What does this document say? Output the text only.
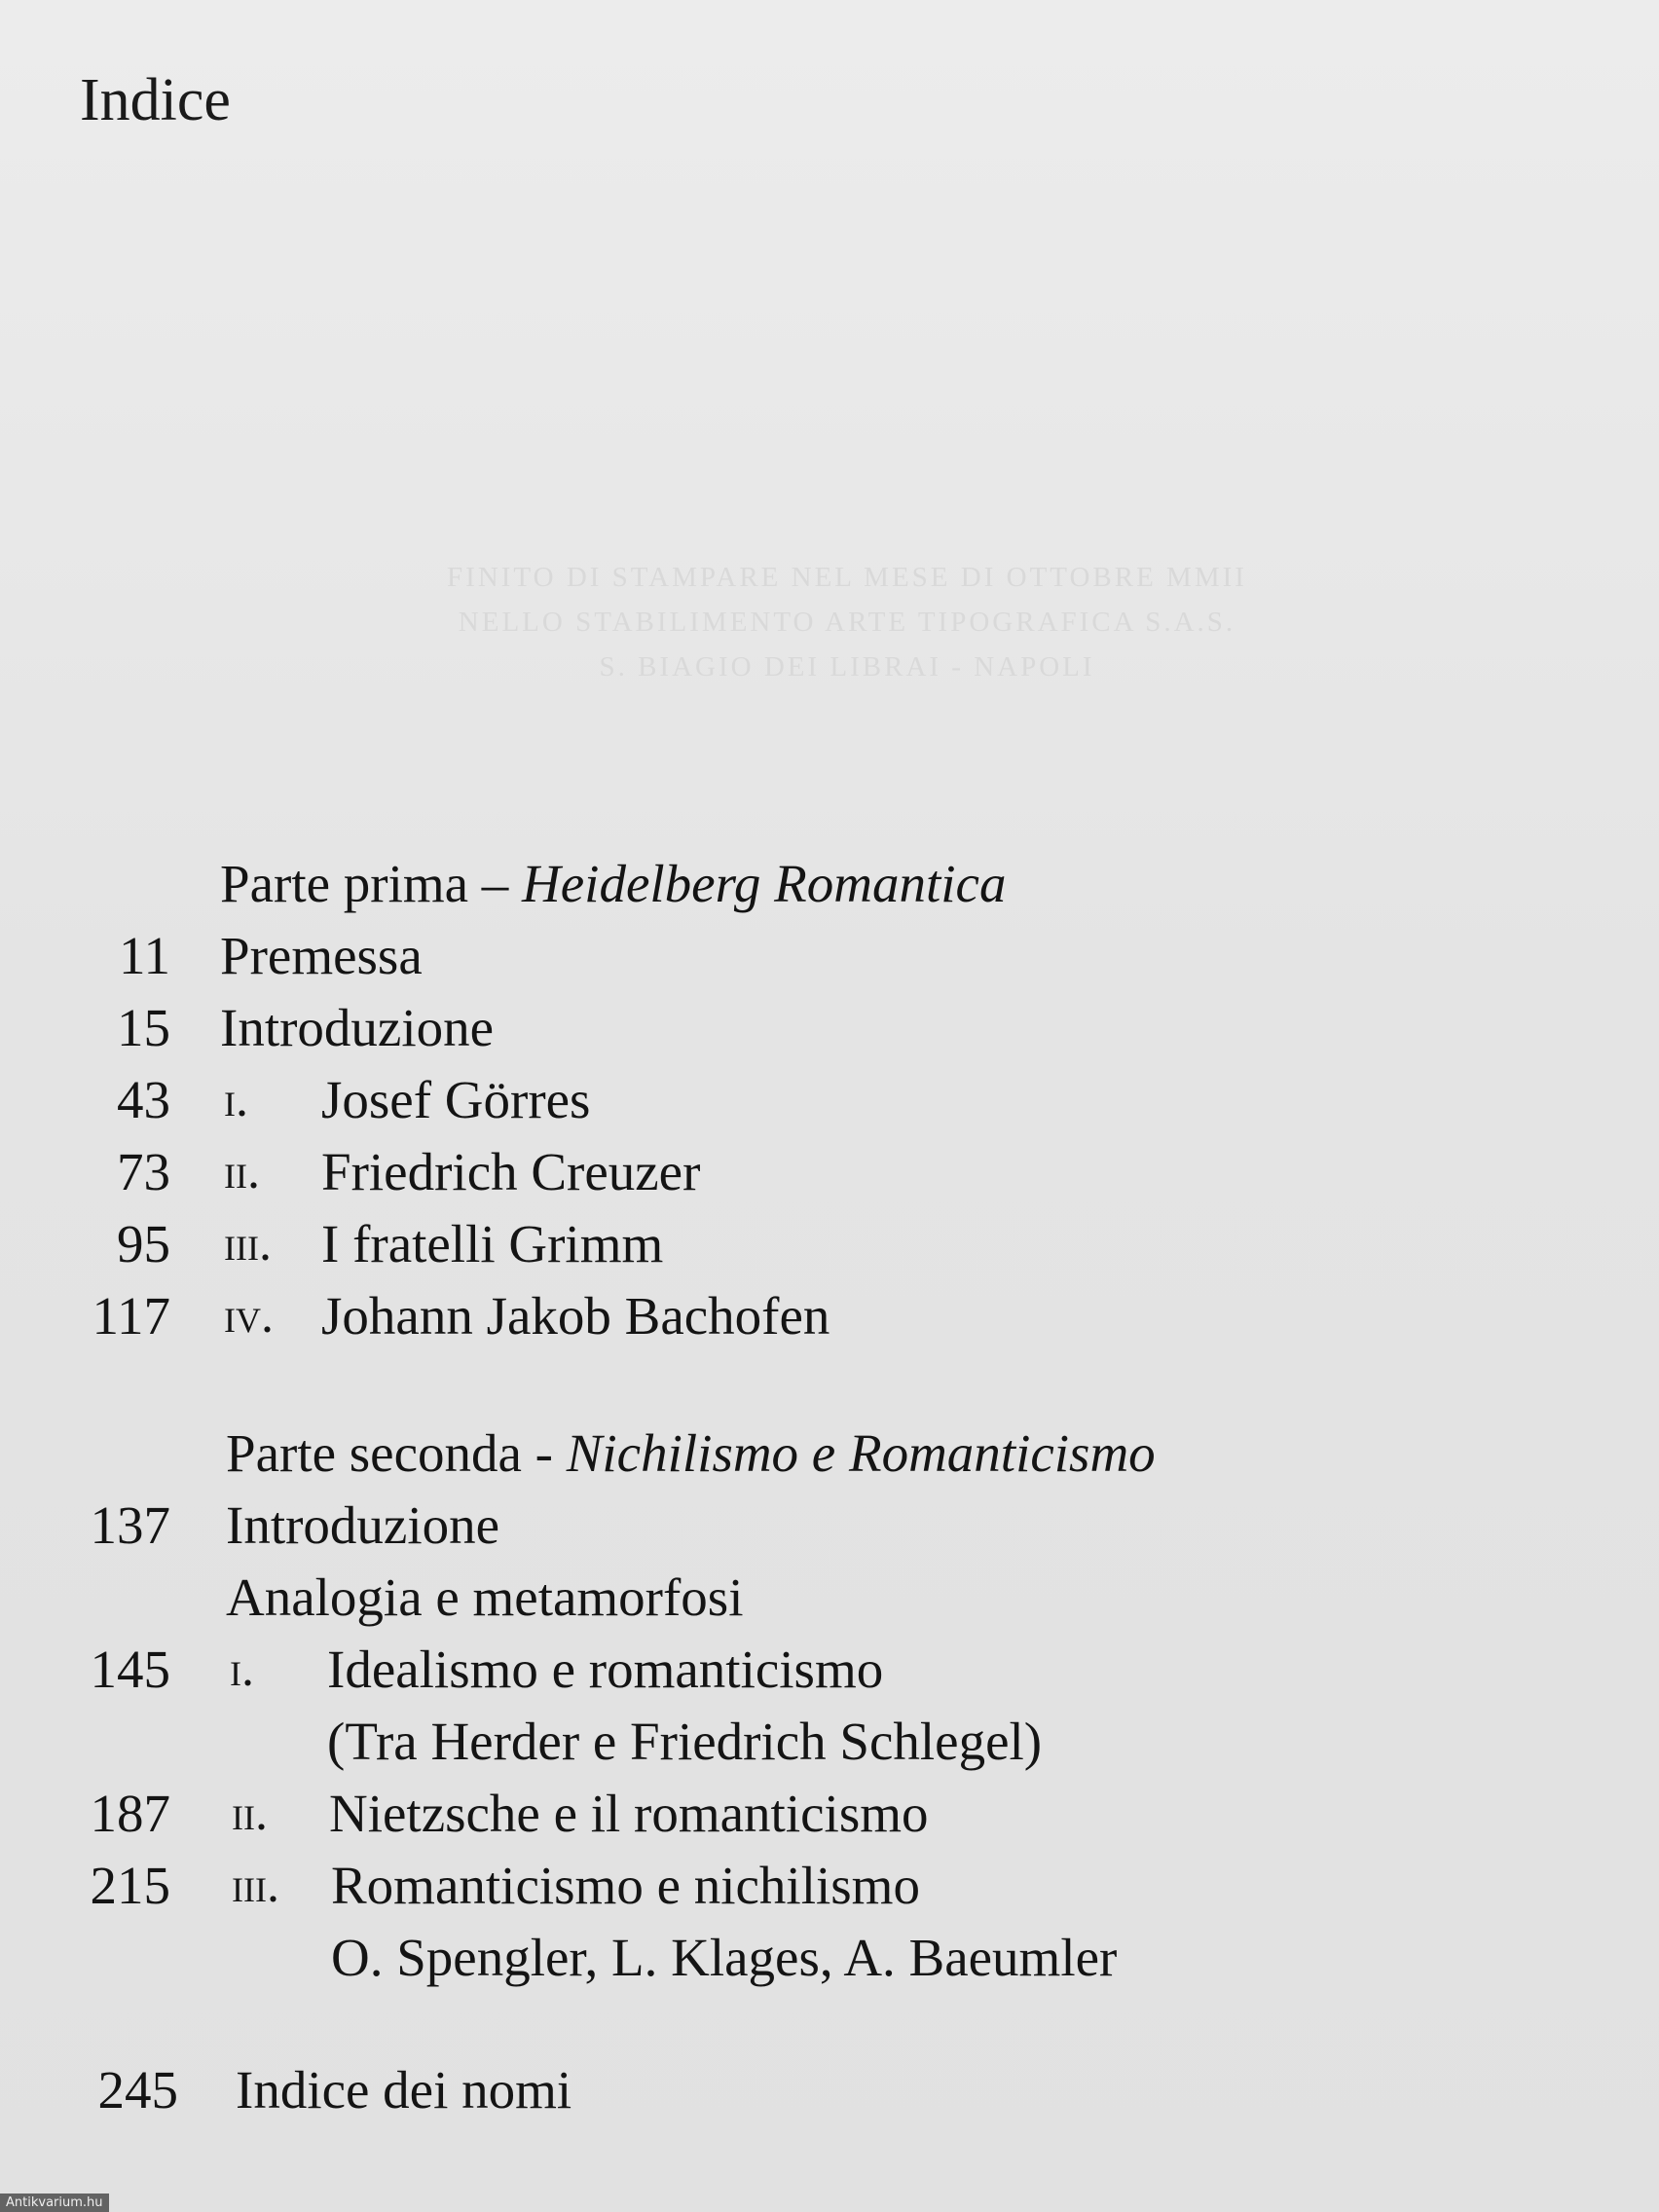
Indice
FINITO DI STAMPARE NEL MESE DI OTTOBRE MMII
NELLO STABILIMENTO ARTE TIPOGRAFICA S.A.S.
S. BIAGIO DEI LIBRAI - NAPOLI
Parte prima – Heidelberg Romantica
11 Premessa
15 Introduzione
43 i. Josef Görres
73 ii. Friedrich Creuzer
95 iii. I fratelli Grimm
117 iv. Johann Jakob Bachofen
Parte seconda - Nichilismo e Romanticismo
137 Introduzione
Analogia e metamorfosi
145 i. Idealismo e romanticismo
(Tra Herder e Friedrich Schlegel)
187 ii. Nietzsche e il romanticismo
215 iii. Romanticismo e nichilismo
O. Spengler, L. Klages, A. Baeumler
245 Indice dei nomi
Antikvarium.hu
